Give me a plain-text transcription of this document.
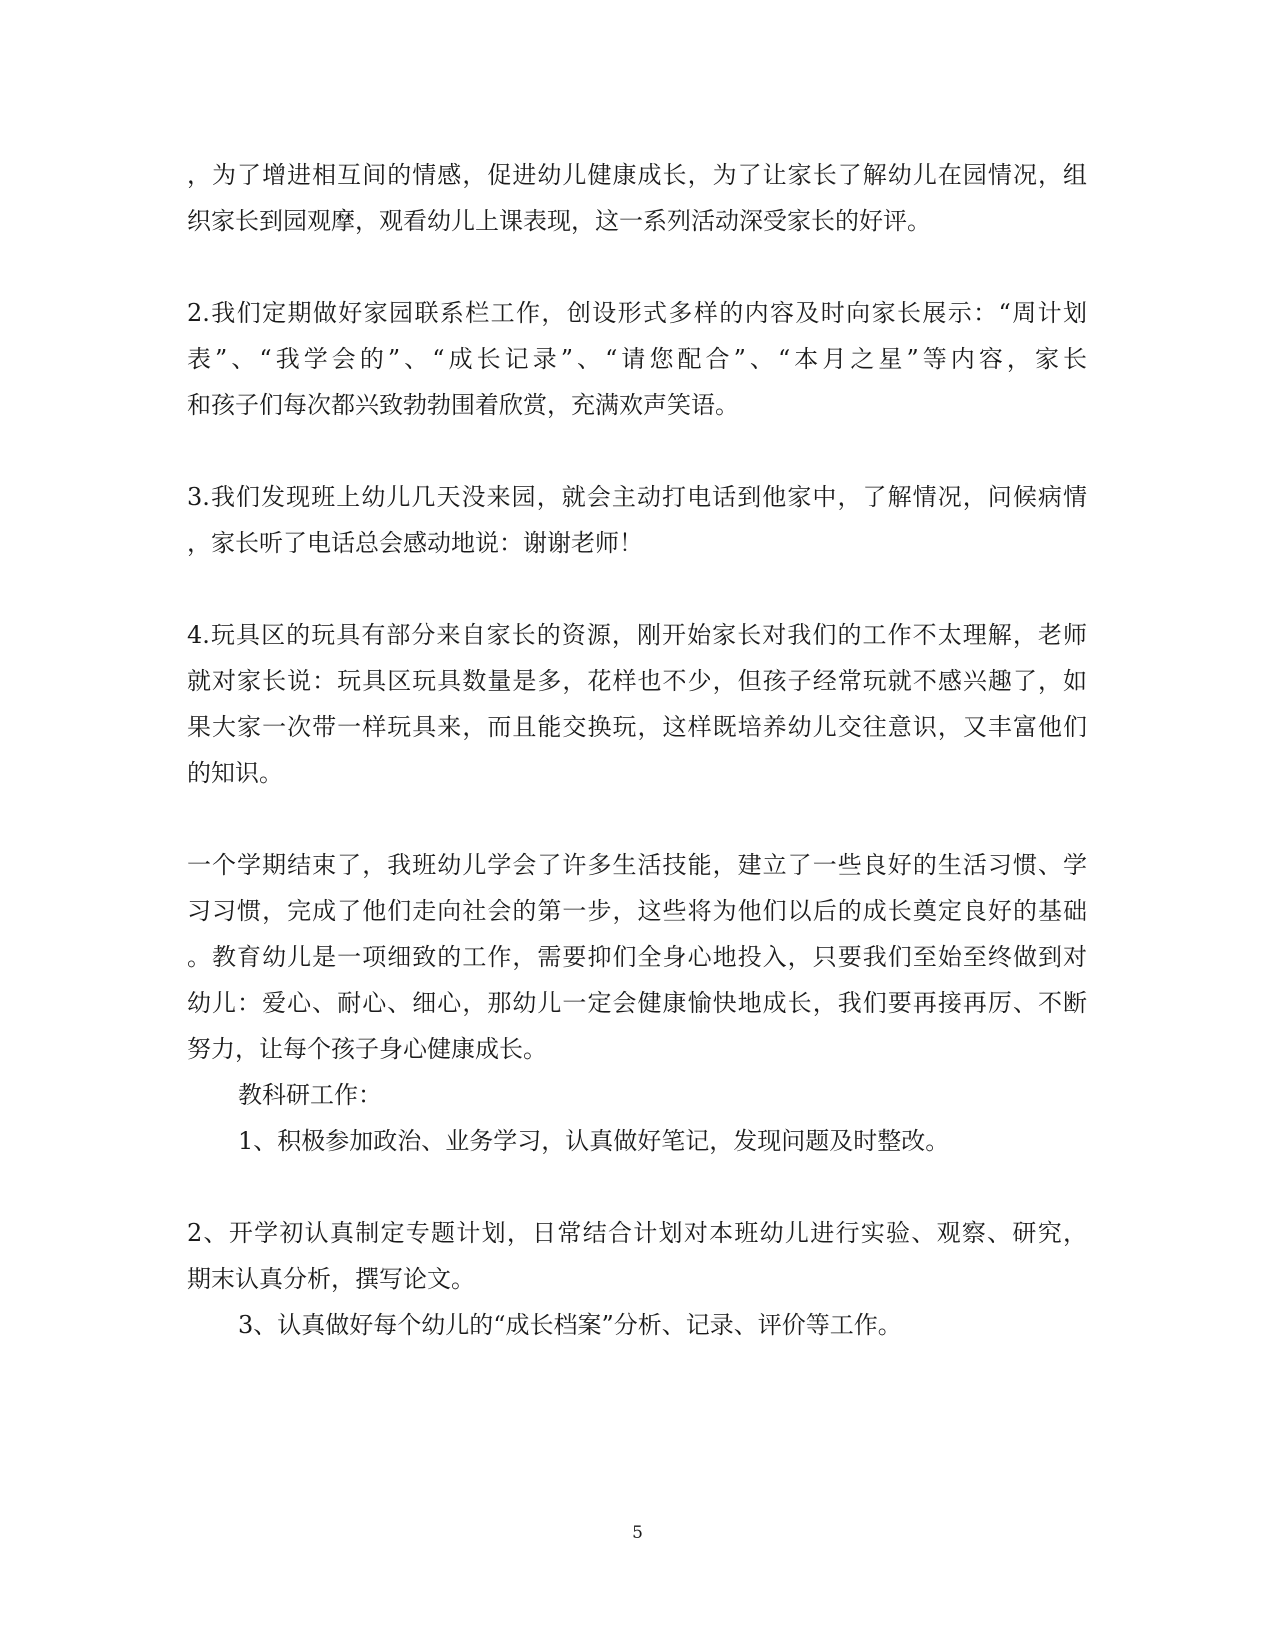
，为了增进相互间的情感，促进幼儿健康成长，为了让家长了解幼儿在园情况，组
织家长到园观摩，观看幼儿上课表现，这一系列活动深受家长的好评。
2.我们定期做好家园联系栏工作，创设形式多样的内容及时向家长展示：“周计划
表”、“我学会的”、“成长记录”、“请您配合”、“本月之星”等内容，家长
和孩子们每次都兴致勃勃围着欣赏，充满欢声笑语。
3.我们发现班上幼儿几天没来园，就会主动打电话到他家中，了解情况，问候病情
，家长听了电话总会感动地说：谢谢老师！
4.玩具区的玩具有部分来自家长的资源，刚开始家长对我们的工作不太理解，老师
就对家长说：玩具区玩具数量是多，花样也不少，但孩子经常玩就不感兴趣了，如
果大家一次带一样玩具来，而且能交换玩，这样既培养幼儿交往意识，又丰富他们
的知识。
一个学期结束了，我班幼儿学会了许多生活技能，建立了一些良好的生活习惯、学
习习惯，完成了他们走向社会的第一步，这些将为他们以后的成长奠定良好的基础
。教育幼儿是一项细致的工作，需要抑们全身心地投入，只要我们至始至终做到对
幼儿：爱心、耐心、细心，那幼儿一定会健康愉快地成长，我们要再接再厉、不断
努力，让每个孩子身心健康成长。
教科研工作：
1、积极参加政治、业务学习，认真做好笔记，发现问题及时整改。
2、开学初认真制定专题计划，日常结合计划对本班幼儿进行实验、观察、研究，
期末认真分析，撰写论文。
3、认真做好每个幼儿的“成长档案”分析、记录、评价等工作。
5
